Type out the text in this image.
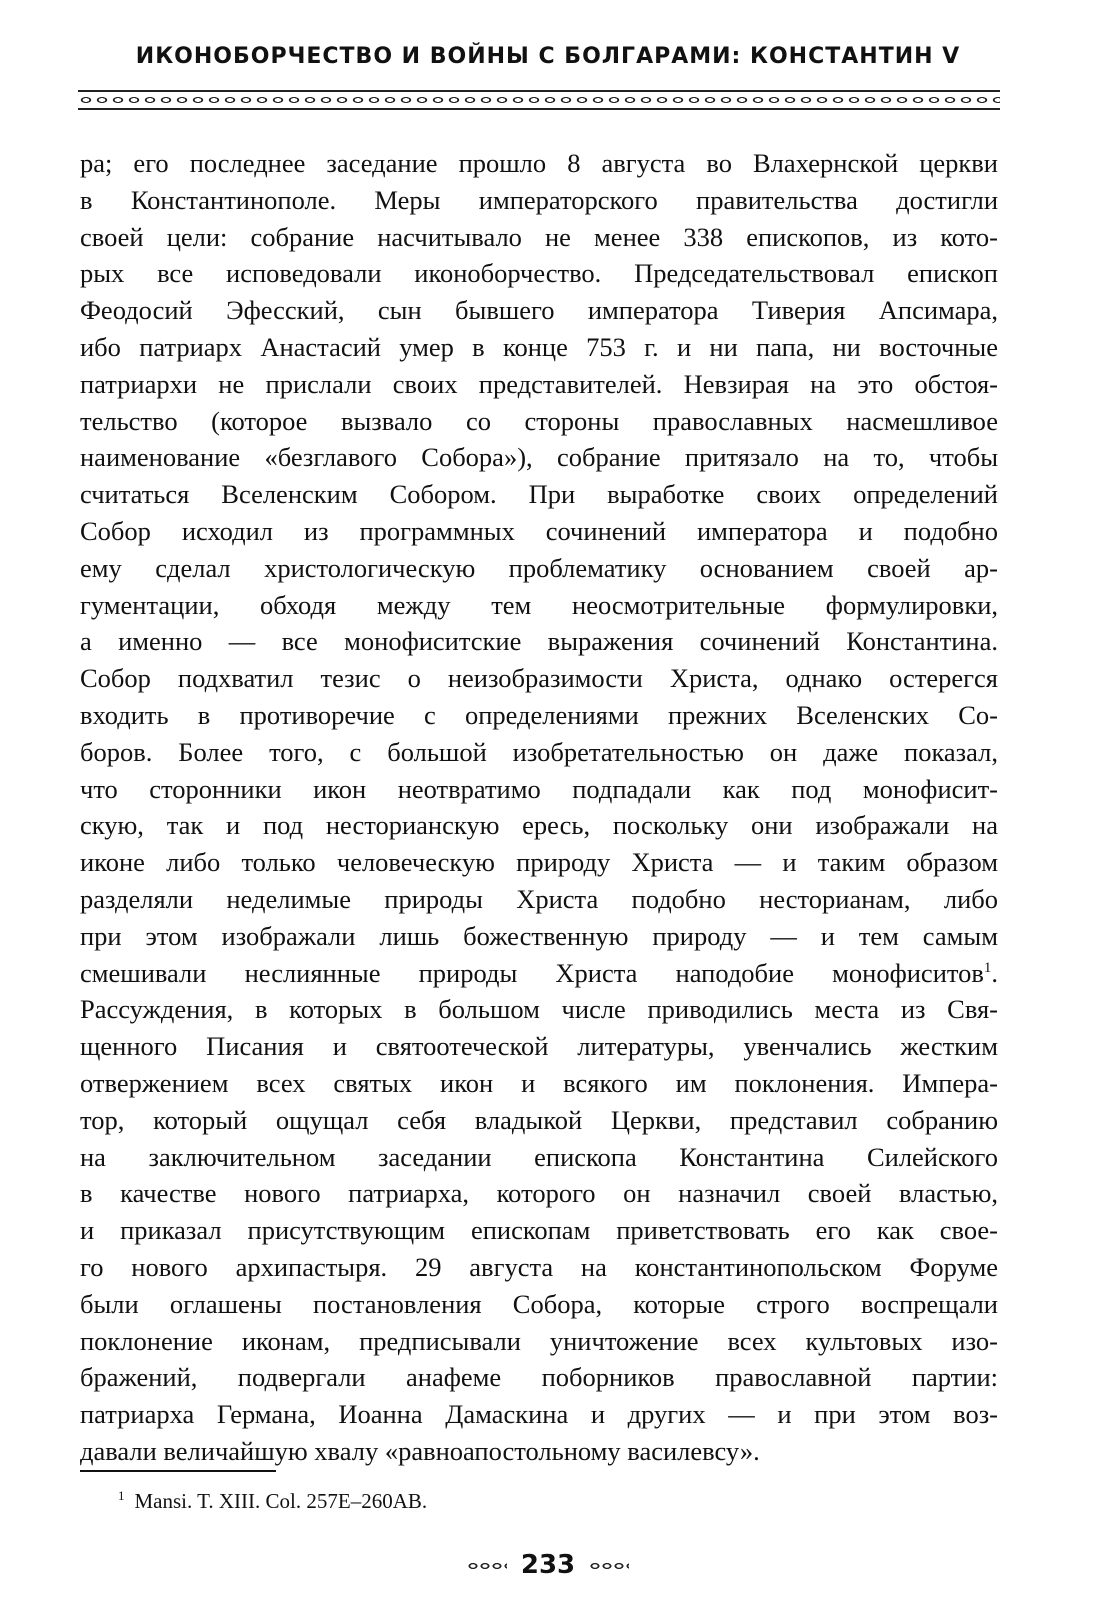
ИКОНОБОРЧЕСТВО И ВОЙНЫ С БОЛГАРАМИ: КОНСТАНТИН V
ра; его последнее заседание прошло 8 августа во Влахернской церкви
в Константинополе. Меры императорского правительства достигли
своей цели: собрание насчитывало не менее 338 епископов, из кото-
рых все исповедовали иконоборчество. Председательствовал епископ
Феодосий Эфесский, сын бывшего императора Тиверия Апсимара,
ибо патриарх Анастасий умер в конце 753 г. и ни папа, ни восточные
патриархи не прислали своих представителей. Невзирая на это обстоя-
тельство (которое вызвало со стороны православных насмешливое
наименование «безглавого Собора»), собрание притязало на то, чтобы
считаться Вселенским Собором. При выработке своих определений
Собор исходил из программных сочинений императора и подобно
ему сделал христологическую проблематику основанием своей ар-
гументации, обходя между тем неосмотрительные формулировки,
а именно — все монофиситские выражения сочинений Константина.
Собор подхватил тезис о неизобразимости Христа, однако остерегся
входить в противоречие с определениями прежних Вселенских Со-
боров. Более того, с большой изобретательностью он даже показал,
что сторонники икон неотвратимо подпадали как под монофисит-
скую, так и под несторианскую ересь, поскольку они изображали на
иконе либо только человеческую природу Христа — и таким образом
разделяли неделимые природы Христа подобно несторианам, либо
при этом изображали лишь божественную природу — и тем самым
смешивали неслиянные природы Христа наподобие монофиситов$^1$.
Рассуждения, в которых в большом числе приводились места из Свя-
щенного Писания и святоотеческой литературы, увенчались жестким
отвержением всех святых икон и всякого им поклонения. Импера-
тор, который ощущал себя владыкой Церкви, представил собранию
на заключительном заседании епископа Константина Силейского
в качестве нового патриарха, которого он назначил своей властью,
и приказал присутствующим епископам приветствовать его как свое-
го нового архипастыря. 29 августа на константинопольском Форуме
были оглашены постановления Собора, которые строго воспрещали
поклонение иконам, предписывали уничтожение всех культовых изо-
бражений, подвергали анафеме поборников православной партии:
патриарха Германа, Иоанна Дамаскина и других — и при этом воз-
давали величайшую хвалу «равноапостольному василевсу».
$^1$ Mansi. T. XIII. Col. 257E–260AB.
233
